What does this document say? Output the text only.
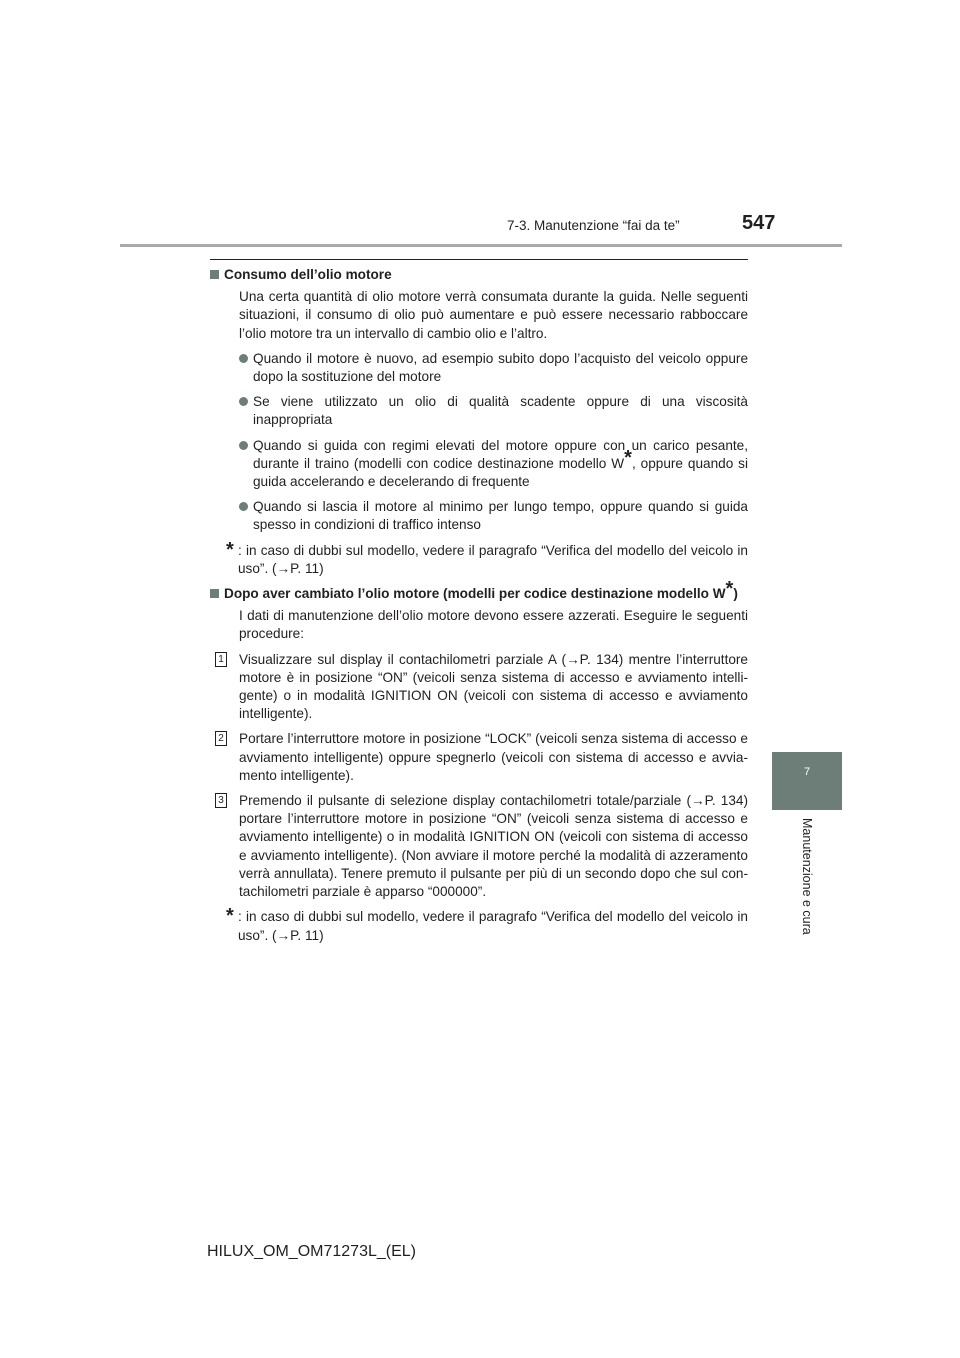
7-3. Manutenzione “fai da te”	547
7
Manutenzione e cura

Consumo dell’olio motore

Una certa quantità di olio motore verrà consumata durante la guida. Nelle seguenti situazioni, il consumo di olio può aumentare e può essere necessario rabboccare l’olio motore tra un intervallo di cambio olio e l’altro.

Quando il motore è nuovo, ad esempio subito dopo l’acquisto del veicolo oppure dopo la sostituzione del motore
Se viene utilizzato un olio di qualità scadente oppure di una viscosità inappropriata
Quando si guida con regimi elevati del motore oppure con un carico pesante, durante il traino (modelli con codice destinazione modello W*, oppure quando si guida accelerando e decelerando di frequente
Quando si lascia il motore al minimo per lungo tempo, oppure quando si guida spesso in condizioni di traffico intenso
* : in caso di dubbi sul modello, vedere il paragrafo “Verifica del modello del veicolo in uso”. (→P. 11)

Dopo aver cambiato l’olio motore (modelli per codice destinazione modello W*)

I dati di manutenzione dell’olio motore devono essere azzerati. Eseguire le seguenti procedure:

1 Visualizzare sul display il contachilometri parziale A (→P. 134) mentre l’interruttore motore è in posizione “ON” (veicoli senza sistema di accesso e avviamento intelli-gente) o in modalità IGNITION ON (veicoli con sistema di accesso e avviamento intelligente).
2 Portare l’interruttore motore in posizione “LOCK” (veicoli senza sistema di accesso e avviamento intelligente) oppure spegnerlo (veicoli con sistema di accesso e avvia-mento intelligente).
3 Premendo il pulsante di selezione display contachilometri totale/parziale (→P. 134) portare l’interruttore motore in posizione “ON” (veicoli senza sistema di accesso e avviamento intelligente) o in modalità IGNITION ON (veicoli con sistema di accesso e avviamento intelligente). (Non avviare il motore perché la modalità di azzeramento verrà annullata). Tenere premuto il pulsante per più di un secondo dopo che sul con-tachilometri parziale è apparso “000000”.
* : in caso di dubbi sul modello, vedere il paragrafo “Verifica del modello del veicolo in uso”. (→P. 11)
HILUX_OM_OM71273L_(EL)
